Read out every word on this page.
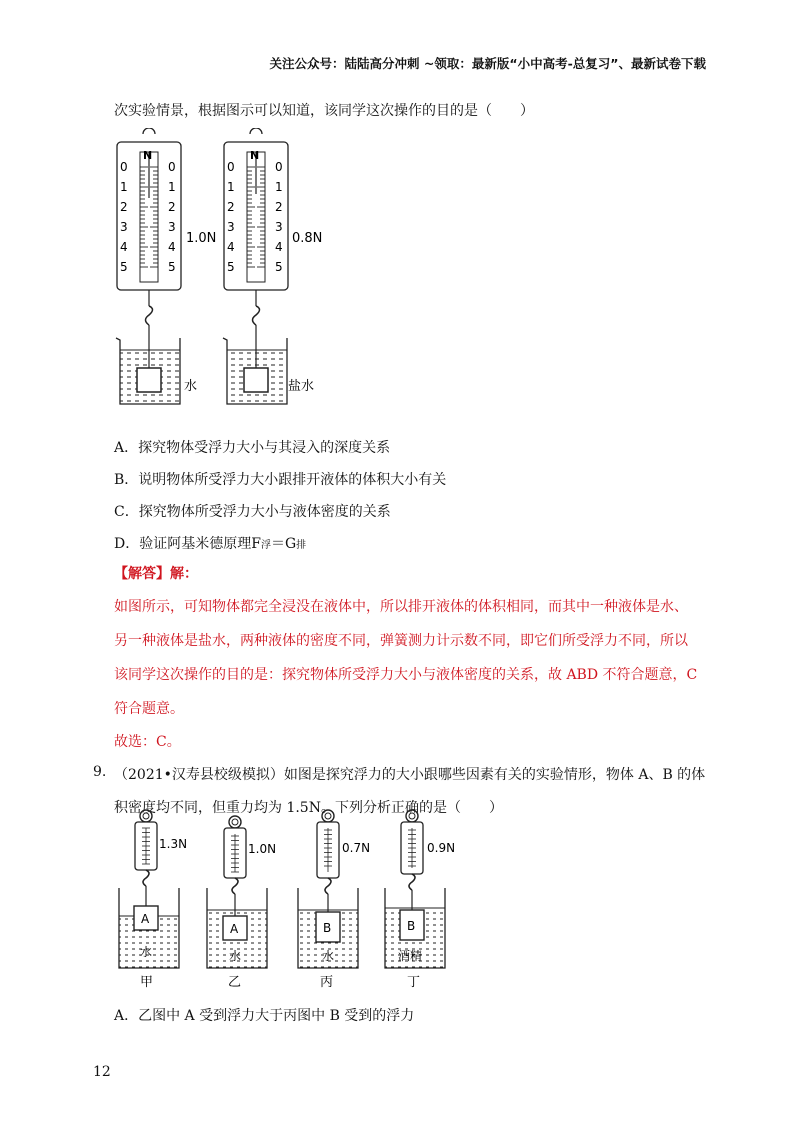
关注公众号：陆陆高分冲刺 ~领取：最新版“小中高考-总复习”、最新试卷下载
次实验情景，根据图示可以知道，该同学这次操作的目的是（　　）
N
0
1
2
3
4
5
0
1
2
3
4
5
1.0N
N
0
1
2
3
4
5
0
1
2
3
4
5
0.8N
水	盐水
A．探究物体受浮力大小与其浸入的深度关系
B．说明物体所受浮力大小跟排开液体的体积大小有关
C．探究物体所受浮力大小与液体密度的关系
D．验证阿基米德原理F浮＝G排
【解答】解：
如图所示，可知物体都完全浸没在液体中，所以排开液体的体积相同，而其中一种液体是水、
另一种液体是盐水，两种液体的密度不同，弹簧测力计示数不同，即它们所受浮力不同，所以
该同学这次操作的目的是：探究物体所受浮力大小与液体密度的关系，故 ABD 不符合题意，C
符合题意。
故选：C。
9. （2021•汉寿县校级模拟）如图是探究浮力的大小跟哪些因素有关的实验情形，物体 A、B 的体
积密度均不同，但重力均为 1.5N。下列分析正确的是（　　）
1.3N
A
水
甲
1.0N
A
水
乙
0.7N
B
水
丙
0.9N
B
酒精
丁
A．乙图中 A 受到浮力大于丙图中 B 受到的浮力
12
